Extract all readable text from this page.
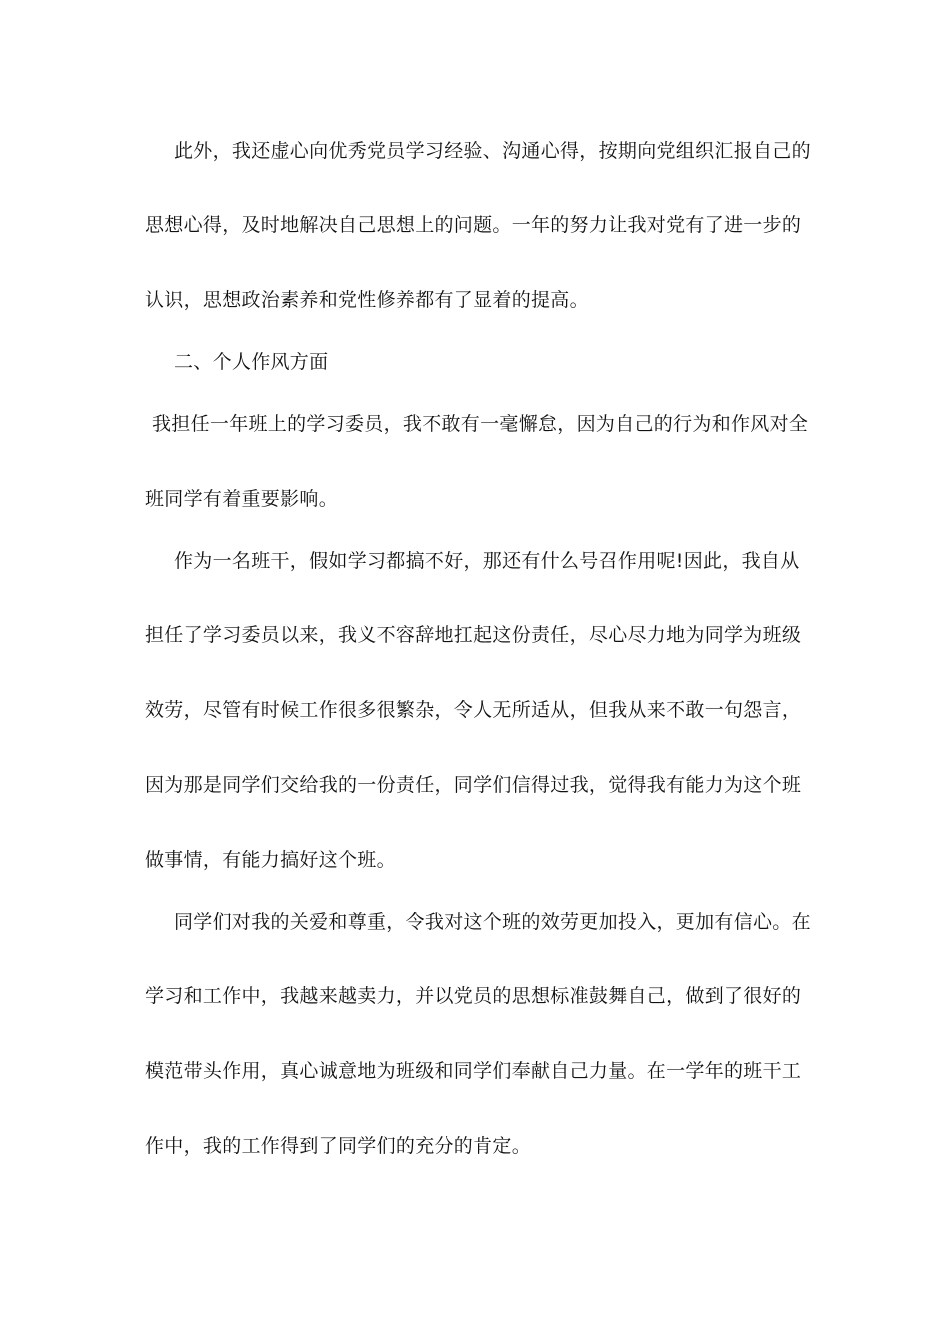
此外，我还虚心向优秀党员学习经验、沟通心得，按期向党组织汇报自己的
思想心得，及时地解决自己思想上的问题。一年的努力让我对党有了进一步的
认识，思想政治素养和党性修养都有了显着的提高。
二、个人作风方面
我担任一年班上的学习委员，我不敢有一毫懈怠，因为自己的行为和作风对全
班同学有着重要影响。
作为一名班干，假如学习都搞不好，那还有什么号召作用呢!因此，我自从
担任了学习委员以来，我义不容辞地扛起这份责任，尽心尽力地为同学为班级
效劳，尽管有时候工作很多很繁杂，令人无所适从，但我从来不敢一句怨言，
因为那是同学们交给我的一份责任，同学们信得过我，觉得我有能力为这个班
做事情，有能力搞好这个班。
同学们对我的关爱和尊重，令我对这个班的效劳更加投入，更加有信心。在
学习和工作中，我越来越卖力，并以党员的思想标准鼓舞自己，做到了很好的
模范带头作用，真心诚意地为班级和同学们奉献自己力量。在一学年的班干工
作中，我的工作得到了同学们的充分的肯定。
